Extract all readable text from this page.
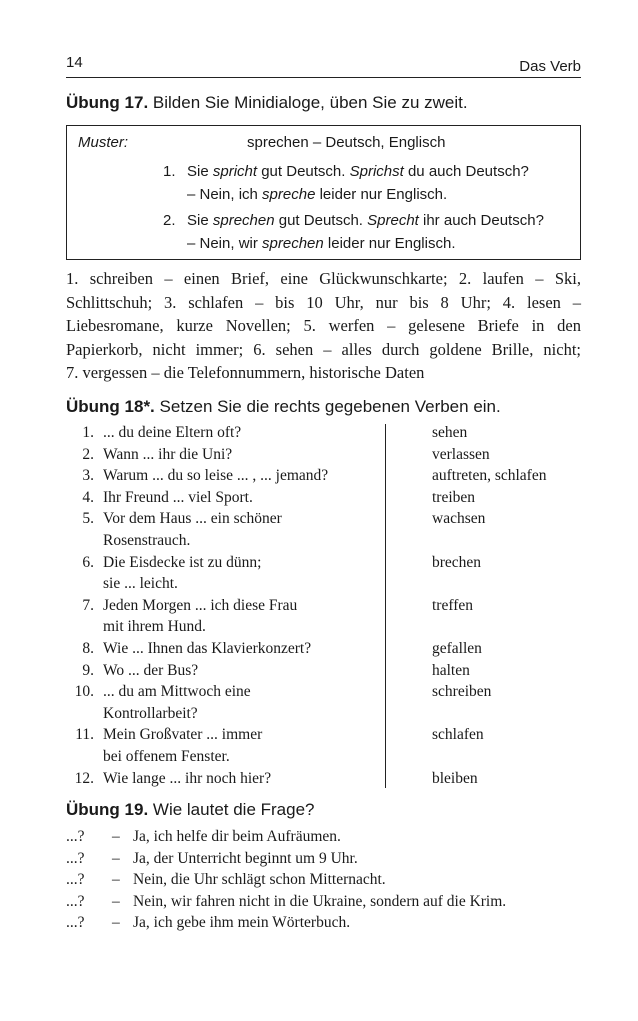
14	Das Verb
Übung 17. Bilden Sie Minidialoge, üben Sie zu zweit.
Muster:	sprechen – Deutsch, Englisch
1. Sie spricht gut Deutsch. Sprichst du auch Deutsch?
– Nein, ich spreche leider nur Englisch.
2. Sie sprechen gut Deutsch. Sprecht ihr auch Deutsch?
– Nein, wir sprechen leider nur Englisch.
1. schreiben – einen Brief, eine Glückwunschkarte; 2. laufen – Ski,
Schlittschuh; 3. schlafen – bis 10 Uhr, nur bis 8 Uhr; 4. lesen –
Liebesromane, kurze Novellen; 5. werfen – gelesene Briefe in den
Papierkorb, nicht immer; 6. sehen – alles durch goldene Brille, nicht;
7. vergessen – die Telefonnummern, historische Daten
Übung 18*. Setzen Sie die rechts gegebenen Verben ein.
1. ... du deine Eltern oft?	sehen
2. Wann ... ihr die Uni?	verlassen
3. Warum ... du so leise ... , ... jemand?	auftreten, schlafen
4. Ihr Freund ... viel Sport.	treiben
5. Vor dem Haus ... ein schöner	wachsen
Rosenstrauch.
6. Die Eisdecke ist zu dünn;	brechen
sie ... leicht.
7. Jeden Morgen ... ich diese Frau	treffen
mit ihrem Hund.
8. Wie ... Ihnen das Klavierkonzert?	gefallen
9. Wo ... der Bus?	halten
10. ... du am Mittwoch eine	schreiben
Kontrollarbeit?
11. Mein Großvater ... immer	schlafen
bei offenem Fenster.
12. Wie lange ... ihr noch hier?	bleiben
Übung 19. Wie lautet die Frage?
...? – Ja, ich helfe dir beim Aufräumen.
...? – Ja, der Unterricht beginnt um 9 Uhr.
...? – Nein, die Uhr schlägt schon Mitternacht.
...? – Nein, wir fahren nicht in die Ukraine, sondern auf die Krim.
...? – Ja, ich gebe ihm mein Wörterbuch.
